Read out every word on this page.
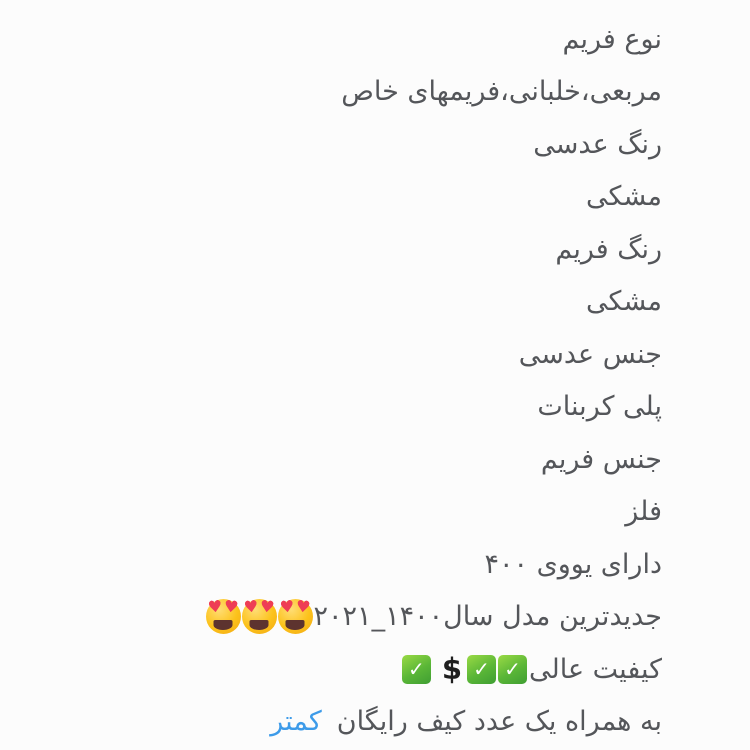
نوع فریم
مربعی،خلبانی،فریمهای خاص
رنگ عدسی
مشکی
رنگ فریم
مشکی
جنس عدسی
پلی کربنات
جنس فریم
فلز
دارای یووی ۴۰۰
جدیدترین مدل سال۱۴۰۰_۲۰۲۱
♥ ♥
♥ ♥
♥ ♥
کیفیت عالی
✓
✓
$
✓
به همراه یک عدد کیف رایگان
کمتر
